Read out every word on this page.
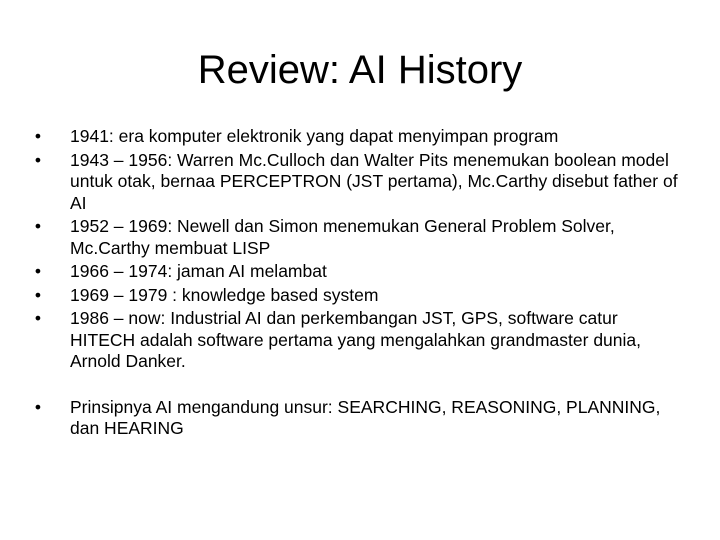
Review: AI History
• 1941: era komputer elektronik yang dapat menyimpan program
• 1943 – 1956: Warren Mc.Culloch dan Walter Pits menemukan boolean model untuk otak, bernaa PERCEPTRON (JST pertama), Mc.Carthy disebut father of AI
• 1952 – 1969: Newell dan Simon menemukan General Problem Solver, Mc.Carthy membuat LISP
• 1966 – 1974: jaman AI melambat
• 1969 – 1979 : knowledge based system
• 1986 – now: Industrial AI dan perkembangan JST, GPS, software catur HITECH adalah software pertama yang mengalahkan grandmaster dunia, Arnold Danker.
• Prinsipnya AI mengandung unsur: SEARCHING, REASONING, PLANNING, dan HEARING
